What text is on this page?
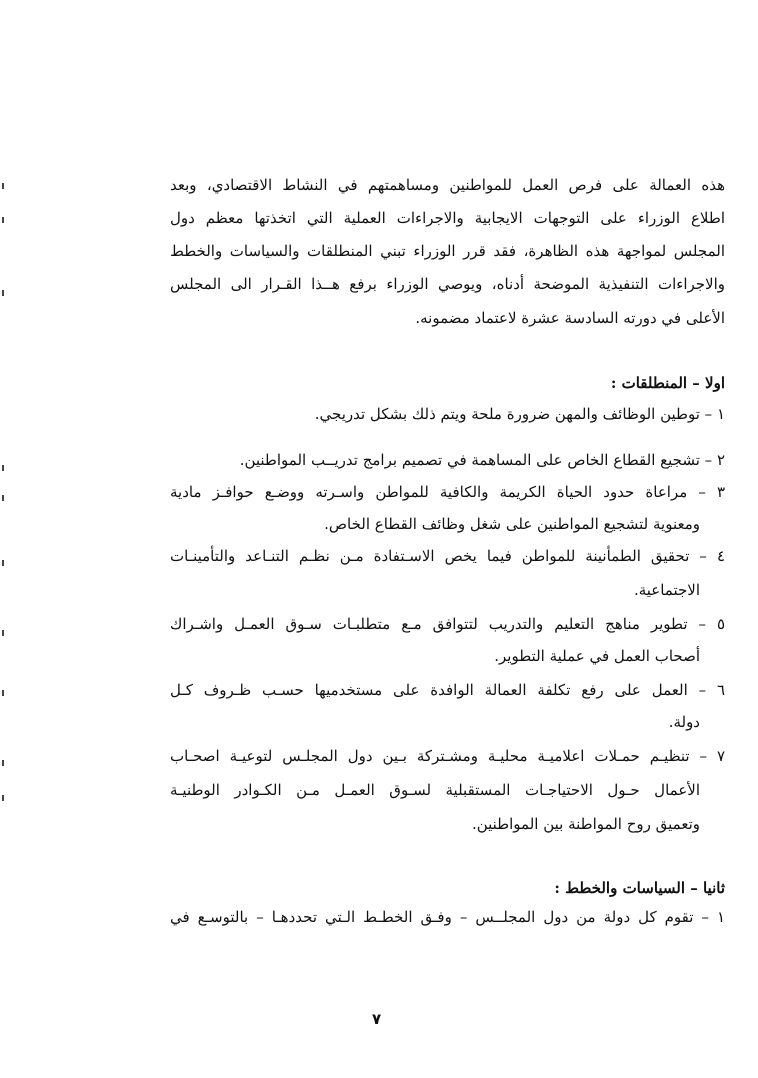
هذه العمالة على فرص العمل للمواطنين ومساهمتهم في النشاط الاقتصادي، وبعد
اطلاع الوزراء على التوجهات الايجابية والاجراءات العملية التي اتخذتها معظم دول
المجلس لمواجهة هذه الظاهرة، فقد قرر الوزراء تبني المنطلقات والسياسات والخطط
والاجراءات التنفيذية الموضحة أدناه، ويوصي الوزراء برفع هــذا القـرار الى المجلس
الأعلى في دورته السادسة عشرة لاعتماد مضمونه.
اولا – المنطلقات :
١ – توطين الوظائف والمهن ضرورة ملحة ويتم ذلك بشكل تدريجي.
٢ – تشجيع القطاع الخاص على المساهمة في تصميم برامج تدريــب المواطنين.
٣ – مراعاة حدود الحياة الكريمة والكافية للمواطن واسـرته ووضـع حوافـز مادية
ومعنوية لتشجيع المواطنين على شغل وظائف القطاع الخاص.
٤ – تحقيق الطمأنينة للمواطن فيما يخص الاسـتفادة مـن نظـم التنـاعد والتأمينـات
الاجتماعية.
٥ – تطوير مناهج التعليم والتدريب لتتوافق مـع متطلبـات سـوق العمـل واشـراك
أصحاب العمل في عملية التطوير.
٦ – العمل على رفع تكلفة العمالة الوافدة على مستخدميها حسـب ظـروف كـل
دولة.
٧ – تنظيـم حمـلات اعلاميـة محليـة ومشـتركة بـين دول المجلـس لتوعيـة اصحـاب
الأعمال حـول الاحتياجـات المستقبلية لسـوق العمـل مـن الكـوادر الوطنيـة
وتعميق روح المواطنة بين المواطنين.
ثانيا – السياسات والخطط :
١ – تقوم كل دولة من دول المجلــس – وفـق الخطـط الـتي تحددهـا – بالتوسـع في
٧
